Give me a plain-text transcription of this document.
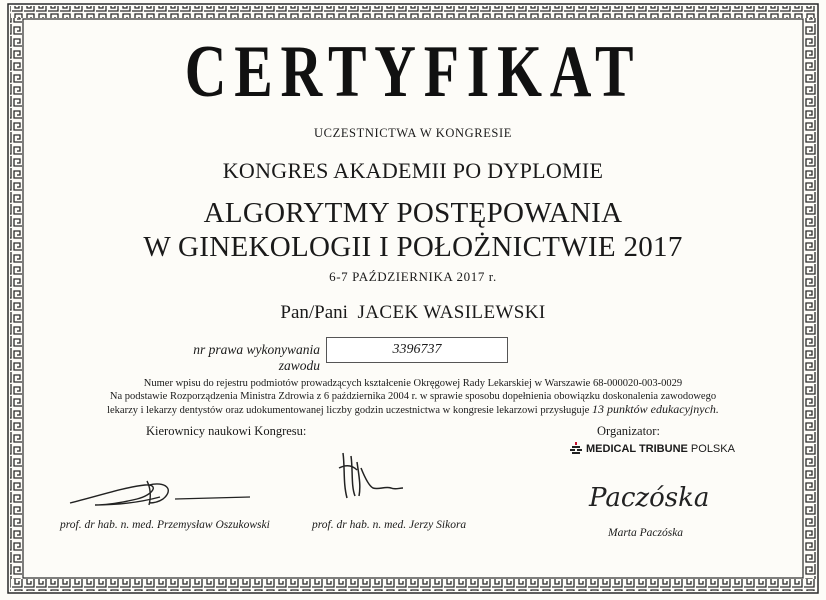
CERTYFIKAT
UCZESTNICTWA W KONGRESIE
KONGRES AKADEMII PO DYPLOMIE
ALGORYTMY POSTĘPOWANIA
W GINEKOLOGII I POŁOŻNICTWIE 2017
6-7 PAŹDZIERNIKA 2017 r.
Pan/Pani JACEK WASILEWSKI
nr prawa wykonywania zawodu
3396737
Numer wpisu do rejestru podmiotów prowadzących kształcenie Okręgowej Rady Lekarskiej w Warszawie 68-000020-003-0029
Na podstawie Rozporządzenia Ministra Zdrowia z 6 października 2004 r. w sprawie sposobu dopełnienia obowiązku doskonalenia zawodowego
lekarzy i lekarzy dentystów oraz udokumentowanej liczby godzin uczestnictwa w kongresie lekarzowi przysługuje 13 punktów edukacyjnych.
Kierownicy naukowi Kongresu:	Organizator:
MEDICAL TRIBUNE POLSKA
Paczóska
prof. dr hab. n. med. Przemysław Oszukowski	prof. dr hab. n. med. Jerzy Sikora
Marta Paczóska
